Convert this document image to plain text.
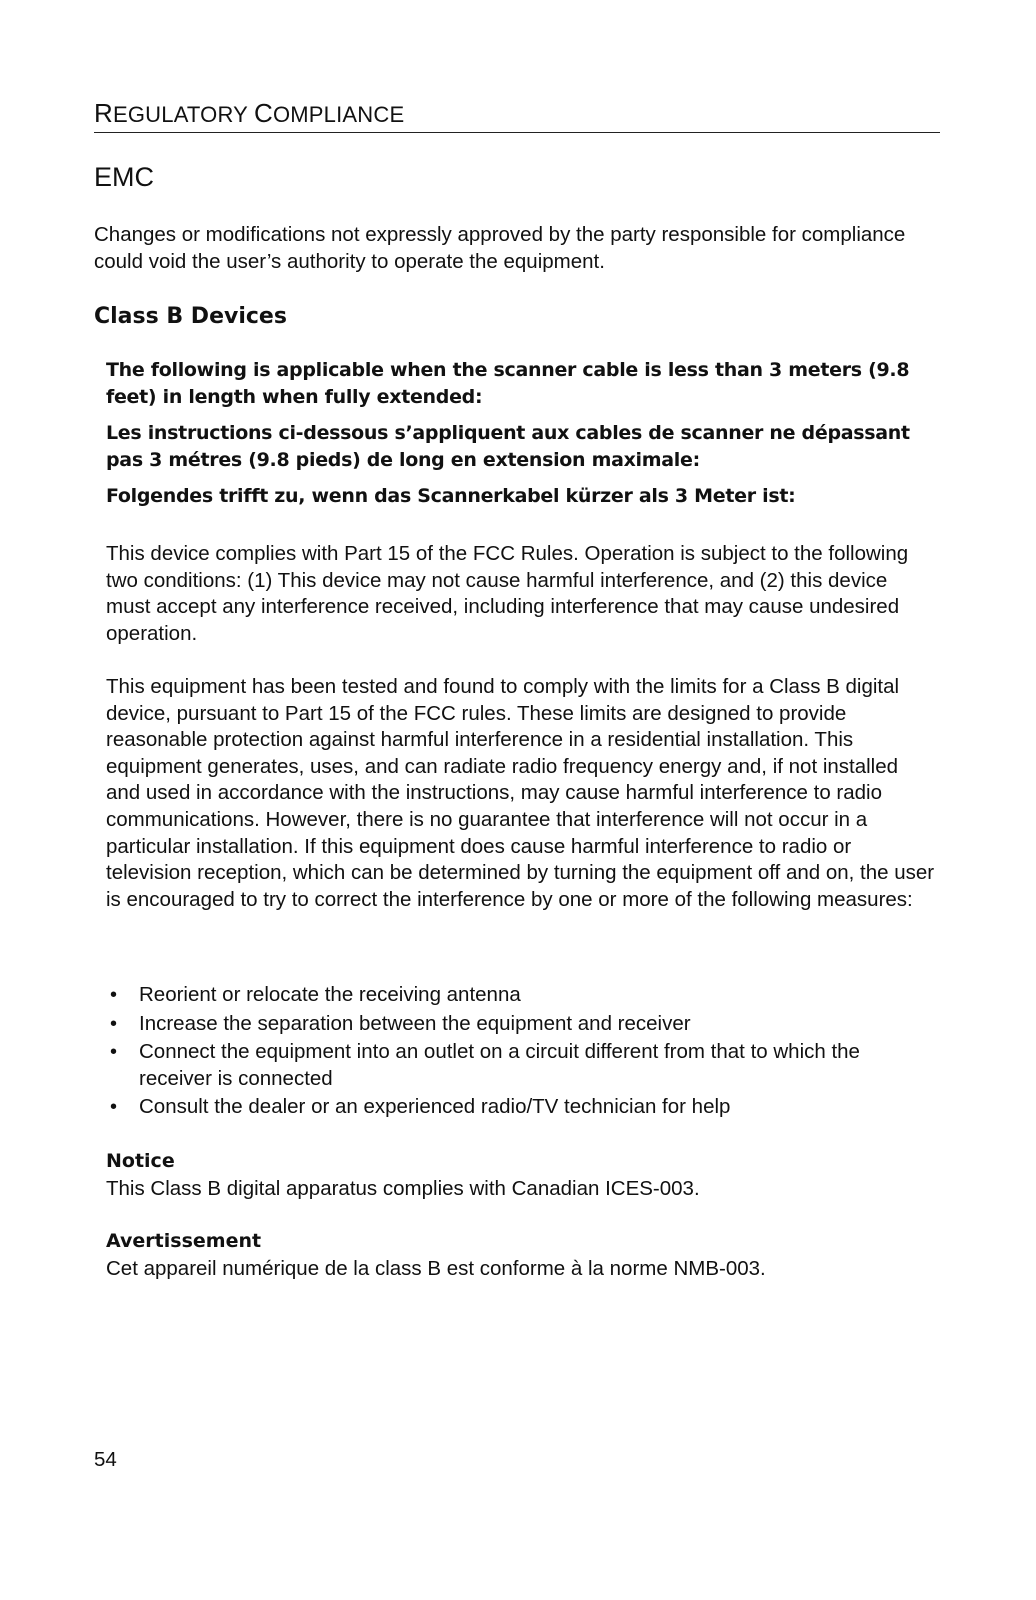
REGULATORY COMPLIANCE
EMC

Changes or modifications not expressly approved by the party responsible for compliance could void the user’s authority to operate the equipment.

Class B Devices

The following is applicable when the scanner cable is less than 3 meters (9.8 feet) in length when fully extended:

Les instructions ci-dessous s’appliquent aux cables de scanner ne dépassant pas 3 métres (9.8 pieds) de long en extension maximale:

Folgendes trifft zu, wenn das Scannerkabel kürzer als 3 Meter ist:

This device complies with Part 15 of the FCC Rules. Operation is subject to the following two conditions: (1) This device may not cause harmful interference, and (2) this device must accept any interference received, including interference that may cause undesired operation.

This equipment has been tested and found to comply with the limits for a Class B digital device, pursuant to Part 15 of the FCC rules. These limits are designed to provide reasonable protection against harmful interference in a residential installation. This equipment generates, uses, and can radiate radio frequency energy and, if not installed and used in accordance with the instructions, may cause harmful interference to radio communications. However, there is no guarantee that interference will not occur in a particular installation. If this equipment does cause harmful interference to radio or television reception, which can be determined by turning the equipment off and on, the user is encouraged to try to correct the interference by one or more of the following measures:

• Reorient or relocate the receiving antenna
• Increase the separation between the equipment and receiver
• Connect the equipment into an outlet on a circuit different from that to which the receiver is connected
• Consult the dealer or an experienced radio/TV technician for help
Notice
This Class B digital apparatus complies with Canadian ICES-003.
Avertissement
Cet appareil numérique de la class B est conforme à la norme NMB-003.
54
